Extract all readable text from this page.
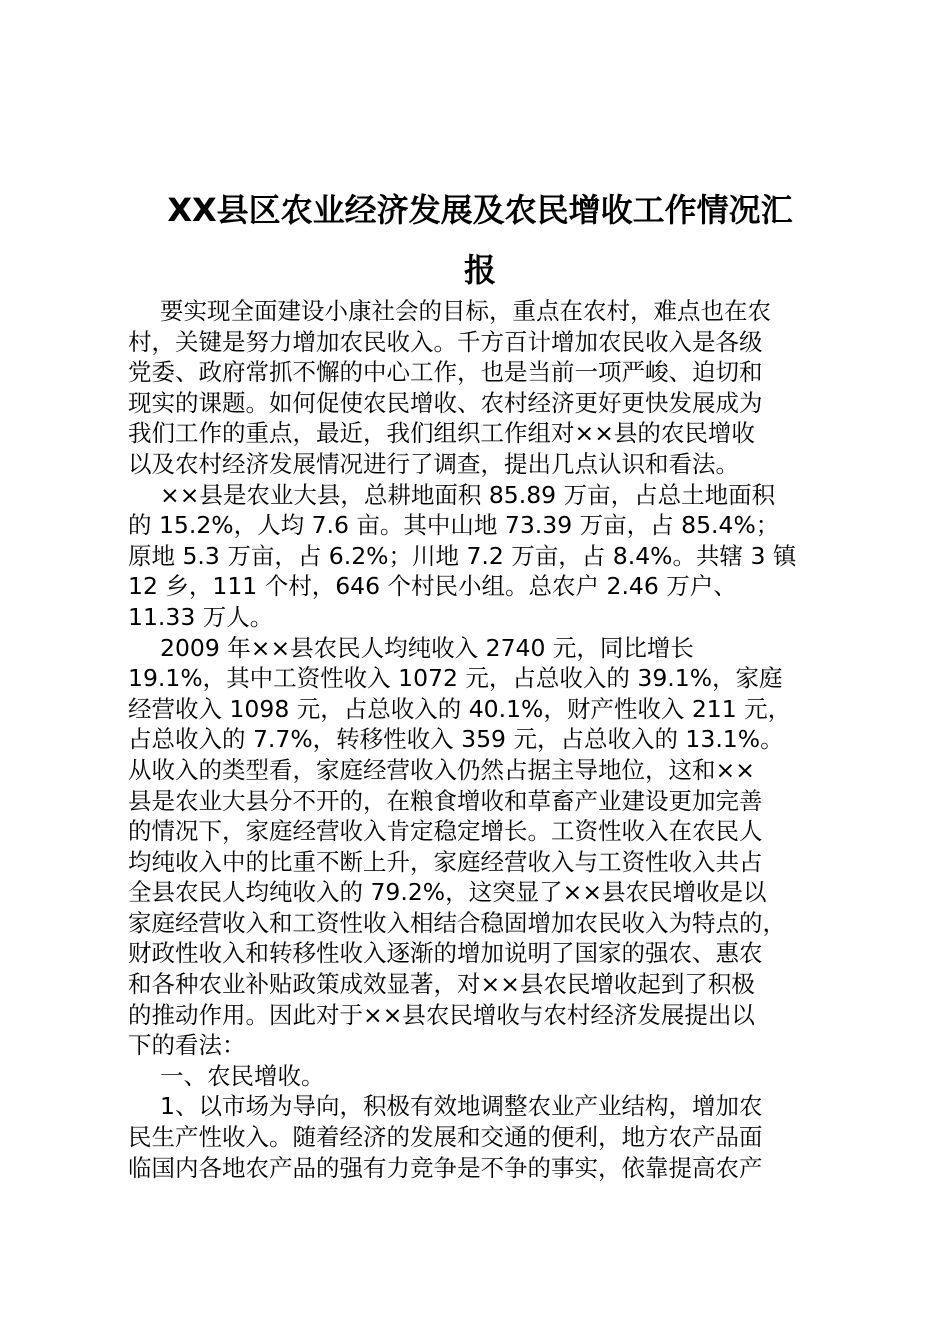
XX县区农业经济发展及农民增收工作情况汇

报

要实现全面建设小康社会的目标，重点在农村，难点也在农

村，关键是努力增加农民收入。千方百计增加农民收入是各级

党委、政府常抓不懈的中心工作，也是当前一项严峻、迫切和

现实的课题。如何促使农民增收、农村经济更好更快发展成为

我们工作的重点，最近，我们组织工作组对××县的农民增收

以及农村经济发展情况进行了调查，提出几点认识和看法。

××县是农业大县，总耕地面积 85.89 万亩，占总土地面积

的 15.2%，人均 7.6 亩。其中山地 73.39 万亩，占 85.4%；

原地 5.3 万亩，占 6.2%；川地 7.2 万亩，占 8.4%。共辖 3 镇

12 乡，111 个村，646 个村民小组。总农户 2.46 万户、

11.33 万人。

2009 年××县农民人均纯收入 2740 元，同比增长

19.1%，其中工资性收入 1072 元，占总收入的 39.1%，家庭

经营收入 1098 元，占总收入的 40.1%，财产性收入 211 元，

占总收入的 7.7%，转移性收入 359 元，占总收入的 13.1%。

从收入的类型看，家庭经营收入仍然占据主导地位，这和××

县是农业大县分不开的，在粮食增收和草畜产业建设更加完善

的情况下，家庭经营收入肯定稳定增长。工资性收入在农民人

均纯收入中的比重不断上升，家庭经营收入与工资性收入共占

全县农民人均纯收入的 79.2%，这突显了××县农民增收是以

家庭经营收入和工资性收入相结合稳固增加农民收入为特点的，

财政性收入和转移性收入逐渐的增加说明了国家的强农、惠农

和各种农业补贴政策成效显著，对××县农民增收起到了积极

的推动作用。因此对于××县农民增收与农村经济发展提出以

下的看法：

一、农民增收。

1、以市场为导向，积极有效地调整农业产业结构，增加农

民生产性收入。随着经济的发展和交通的便利，地方农产品面

临国内各地农产品的强有力竞争是不争的事实，依靠提高农产
